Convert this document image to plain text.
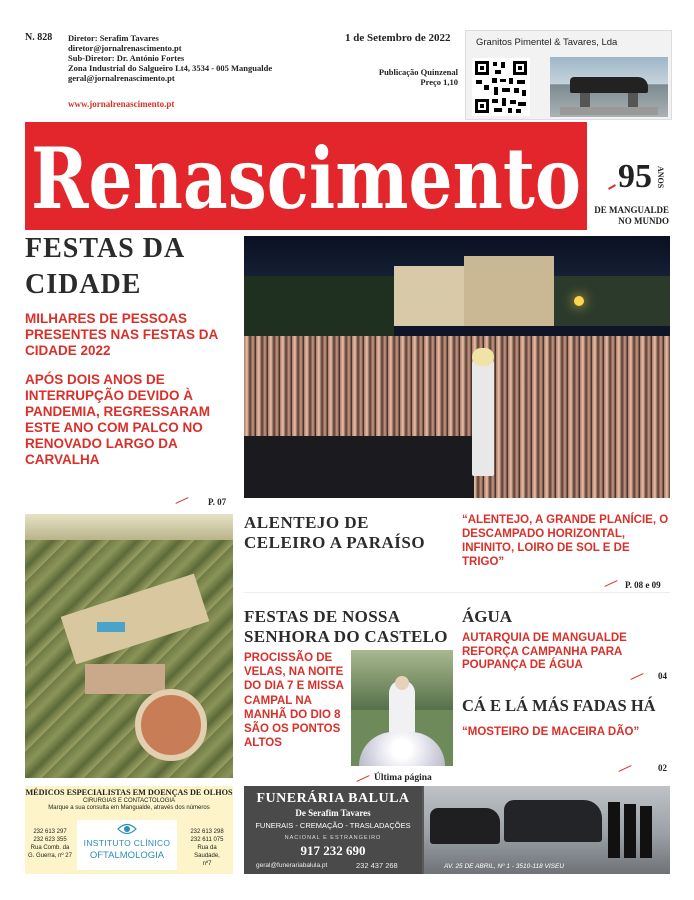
N. 828 Diretor: Serafim Tavares
diretor@jornalrenascimento.pt
Sub-Diretor: Dr. António Fortes
Zona Industrial do Salgueiro Lt4, 3534 - 005 Mangualde
geral@jornalrenascimento.pt
www.jornalrenascimento.pt
1 de Setembro de 2022
Publicação Quinzenal
Preço 1,10
Granitos Pimentel & Tavares, Lda
Renascimento 95 ANOS
DE MANGUALDE
NO MUNDO
FESTAS DA
CIDADE
MILHARES DE PESSOAS PRESENTES NAS FESTAS DA CIDADE 2022
APÓS DOIS ANOS DE INTERRUPÇÃO DEVIDO À PANDEMIA, REGRESSARAM ESTE ANO COM PALCO NO RENOVADO LARGO DA CARVALHA
P. 07
ALENTEJO DE CELEIRO A PARAÍSO
“ALENTEJO, A GRANDE PLANÍCIE, O DESCAMPADO HORIZONTAL, INFINITO, LOIRO DE SOL E DE TRIGO”
P. 08 e 09
FESTAS DE NOSSA SENHORA DO CASTELO
PROCISSÃO DE VELAS, NA NOITE DO DIA 7 E MISSA CAMPAL NA MANHÃ DO DIO 8 SÃO OS PONTOS ALTOS
Última página
ÁGUA
AUTARQUIA DE MANGUALDE REFORÇA CAMPANHA PARA POUPANÇA DE ÁGUA
04
CÁ E LÁ MÁS FADAS HÁ
“MOSTEIRO DE MACEIRA DÃO”
02
MÉDICOS ESPECIALISTAS EM DOENÇAS DE OLHOS
CIRURGIAS E CONTACTOLOGIA
Marque a sua consulta em Mangualde, através dos números
232 613 297
232 623 355
Rua Comb. da
G. Guerra, nº 27
INSTITUTO CLÍNICO
OFTALMOLOGIA
232 613 298
232 611 075
Rua da
Saudade,
nº7
FUNERÁRIA BALULA
De Serafim Tavares
FUNERAIS - CREMAÇÃO - TRASLADAÇÕES
NACIONAL E ESTRANGEIRO
917 232 690
geral@funerariabalula.pt	232 437 268	AV. 25 DE ABRIL, Nº 1 - 3510-118 VISEU
